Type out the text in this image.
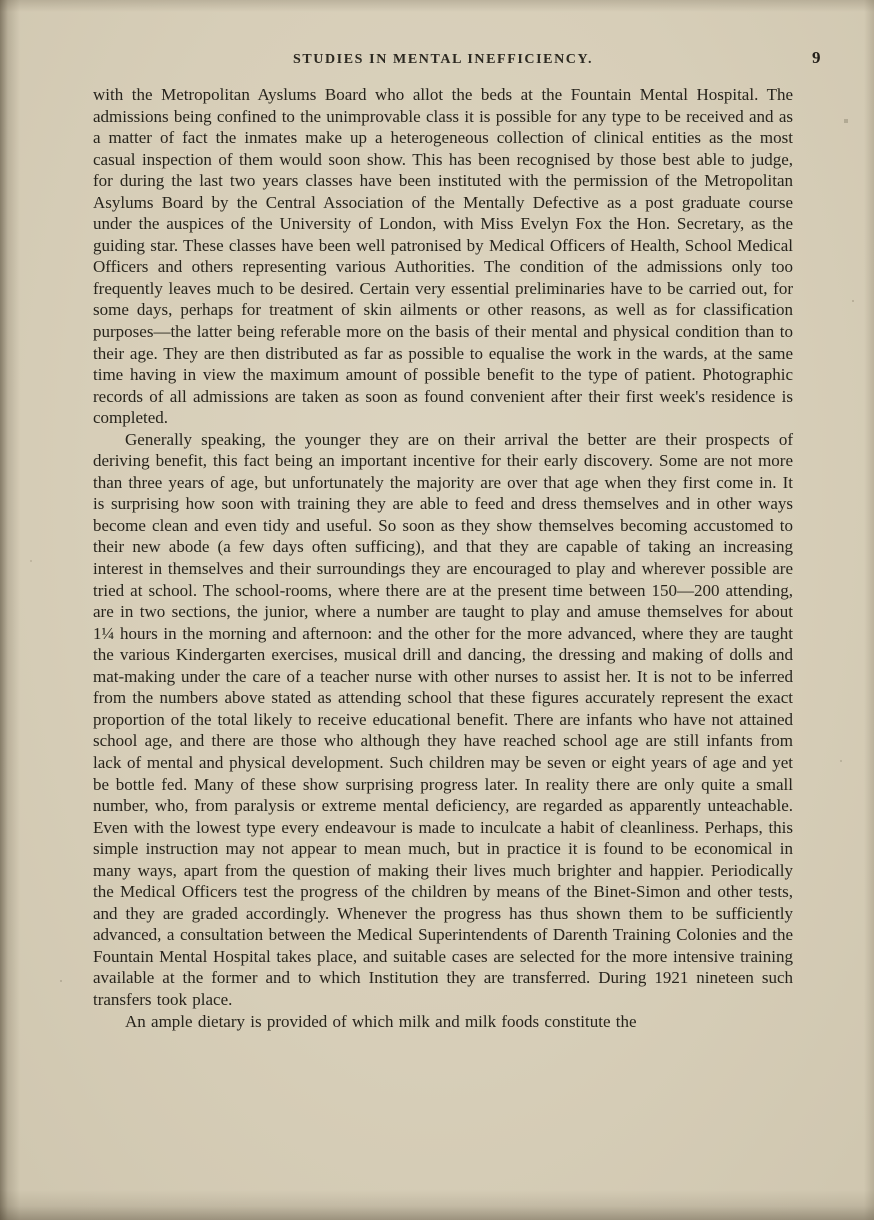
STUDIES IN MENTAL INEFFICIENCY.	9

with the Metropolitan Ayslums Board who allot the beds at the Fountain Mental Hospital. The admissions being confined to the unimprovable class it is possible for any type to be received and as a matter of fact the inmates make up a heterogeneous collection of clinical entities as the most casual inspection of them would soon show. This has been recognised by those best able to judge, for during the last two years classes have been instituted with the permission of the Metropolitan Asylums Board by the Central Association of the Mentally Defective as a post graduate course under the auspices of the University of London, with Miss Evelyn Fox the Hon. Secretary, as the guiding star. These classes have been well patronised by Medical Officers of Health, School Medical Officers and others representing various Authorities. The condition of the admissions only too frequently leaves much to be desired. Certain very essential preliminaries have to be carried out, for some days, perhaps for treatment of skin ailments or other reasons, as well as for classification purposes—the latter being referable more on the basis of their mental and physical condition than to their age. They are then distributed as far as possible to equalise the work in the wards, at the same time having in view the maximum amount of possible benefit to the type of patient. Photographic records of all admissions are taken as soon as found convenient after their first week's residence is completed.

Generally speaking, the younger they are on their arrival the better are their prospects of deriving benefit, this fact being an important incentive for their early discovery. Some are not more than three years of age, but unfortunately the majority are over that age when they first come in. It is surprising how soon with training they are able to feed and dress themselves and in other ways become clean and even tidy and useful. So soon as they show themselves becoming accustomed to their new abode (a few days often sufficing), and that they are capable of taking an increasing interest in themselves and their surroundings they are encouraged to play and wherever possible are tried at school. The school-rooms, where there are at the present time between 150—200 attending, are in two sections, the junior, where a number are taught to play and amuse themselves for about 1¼ hours in the morning and afternoon: and the other for the more advanced, where they are taught the various Kindergarten exercises, musical drill and dancing, the dressing and making of dolls and mat-making under the care of a teacher nurse with other nurses to assist her. It is not to be inferred from the numbers above stated as attending school that these figures accurately represent the exact proportion of the total likely to receive educational benefit. There are infants who have not attained school age, and there are those who although they have reached school age are still infants from lack of mental and physical development. Such children may be seven or eight years of age and yet be bottle fed. Many of these show surprising progress later. In reality there are only quite a small number, who, from paralysis or extreme mental deficiency, are regarded as apparently unteachable. Even with the lowest type every endeavour is made to inculcate a habit of cleanliness. Perhaps, this simple instruction may not appear to mean much, but in practice it is found to be economical in many ways, apart from the question of making their lives much brighter and happier. Periodically the Medical Officers test the progress of the children by means of the Binet-Simon and other tests, and they are graded accordingly. Whenever the progress has thus shown them to be sufficiently advanced, a consultation between the Medical Superintendents of Darenth Training Colonies and the Fountain Mental Hospital takes place, and suitable cases are selected for the more intensive training available at the former and to which Institution they are transferred. During 1921 nineteen such transfers took place.

An ample dietary is provided of which milk and milk foods constitute the
